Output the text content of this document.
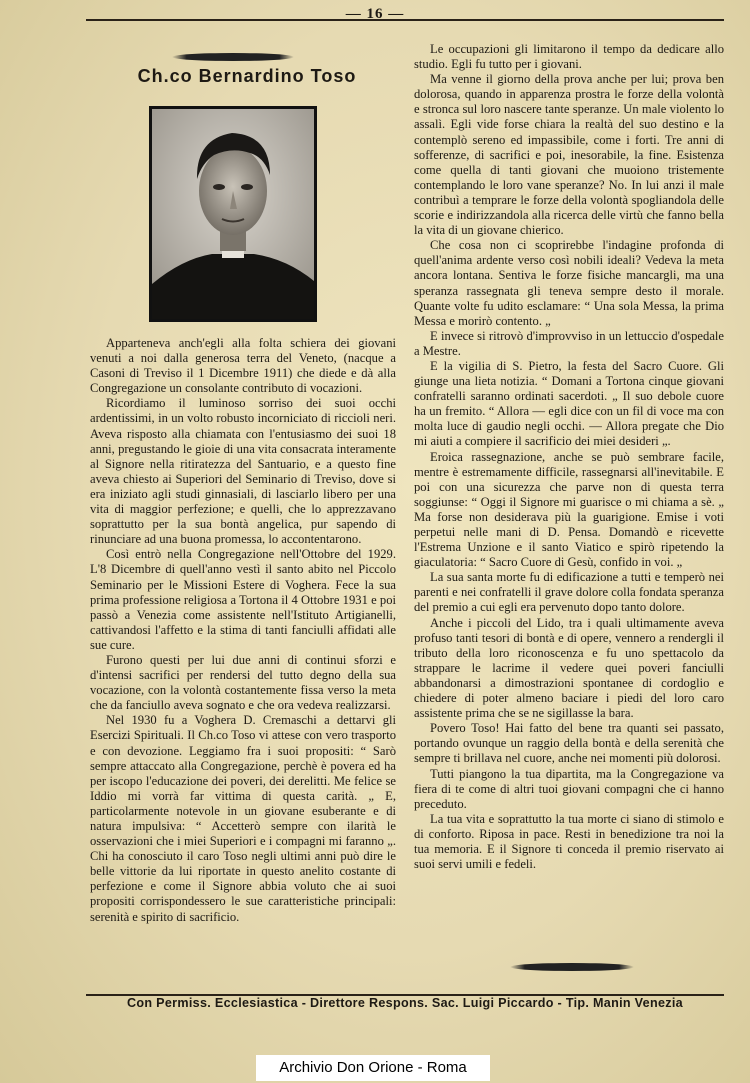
— 16 —
Ch.co Bernardino Toso

Apparteneva anch'egli alla folta schiera dei giovani venuti a noi dalla generosa terra del Veneto, (nacque a Casoni di Treviso il 1 Dicembre 1911) che diede e dà alla Congregazione un consolante contributo di vocazioni.

Ricordiamo il luminoso sorriso dei suoi occhi ardentissimi, in un volto robusto incorniciato di riccioli neri. Aveva risposto alla chiamata con l'entusiasmo dei suoi 18 anni, pregustando le gioie di una vita consacrata interamente al Signore nella ritiratezza del Santuario, e a questo fine aveva chiesto ai Superiori del Seminario di Treviso, dove si era iniziato agli studi ginnasiali, di lasciarlo libero per una vita di maggior perfezione; e quelli, che lo apprezzavano soprattutto per la sua bontà angelica, pur sapendo di rinunciare ad una buona promessa, lo accontentarono.

Così entrò nella Congregazione nell'Ottobre del 1929. L'8 Dicembre di quell'anno vestì il santo abito nel Piccolo Seminario per le Missioni Estere di Voghera. Fece la sua prima professione religiosa a Tortona il 4 Ottobre 1931 e poi passò a Venezia come assistente nell'Istituto Artigianelli, cattivandosi l'affetto e la stima di tanti fanciulli affidati alle sue cure.

Furono questi per lui due anni di continui sforzi e d'intensi sacrifici per rendersi del tutto degno della sua vocazione, con la volontà costantemente fissa verso la meta che da fanciullo aveva sognato e che ora vedeva realizzarsi.

Nel 1930 fu a Voghera D. Cremaschi a dettarvi gli Esercizi Spirituali. Il Ch.co Toso vi attese con vero trasporto e con devozione. Leggiamo fra i suoi propositi: “ Sarò sempre attaccato alla Congregazione, perchè è povera ed ha per iscopo l'educazione dei poveri, dei derelitti. Me felice se Iddio mi vorrà far vittima di questa carità. „ E, particolarmente notevole in un giovane esuberante e di natura impulsiva: “ Accetterò sempre con ilarità le osservazioni che i miei Superiori e i compagni mi faranno „. Chi ha conosciuto il caro Toso negli ultimi anni può dire le belle vittorie da lui riportate in questo anelito costante di perfezione e come il Signore abbia voluto che ai suoi propositi corrispondessero le sue caratteristiche principali: serenità e spirito di sacrificio.

Le occupazioni gli limitarono il tempo da dedicare allo studio. Egli fu tutto per i giovani.

Ma venne il giorno della prova anche per lui; prova ben dolorosa, quando in apparenza prostra le forze della volontà e stronca sul loro nascere tante speranze. Un male violento lo assalì. Egli vide forse chiara la realtà del suo destino e la contemplò sereno ed impassibile, come i forti. Tre anni di sofferenze, di sacrifici e poi, inesorabile, la fine. Esistenza come quella di tanti giovani che muoiono tristemente contemplando le loro vane speranze? No. In lui anzi il male contribuì a temprare le forze della volontà spogliandola delle scorie e indirizzandola alla ricerca delle virtù che fanno bella la vita di un giovane chierico.

Che cosa non ci scoprirebbe l'indagine profonda di quell'anima ardente verso così nobili ideali? Vedeva la meta ancora lontana. Sentiva le forze fisiche mancargli, ma una speranza rassegnata gli teneva sempre desto il morale. Quante volte fu udito esclamare: “ Una sola Messa, la prima Messa e morirò contento. „

E invece si ritrovò d'improvviso in un lettuccio d'ospedale a Mestre.

E la vigilia di S. Pietro, la festa del Sacro Cuore. Gli giunge una lieta notizia. “ Domani a Tortona cinque giovani confratelli saranno ordinati sacerdoti. „ Il suo debole cuore ha un fremito. “ Allora — egli dice con un fil di voce ma con molta luce di gaudio negli occhi. — Allora pregate che Dio mi aiuti a compiere il sacrificio dei miei desideri „.

Eroica rassegnazione, anche se può sembrare facile, mentre è estremamente difficile, rassegnarsi all'inevitabile. E poi con una sicurezza che parve non di questa terra soggiunse: “ Oggi il Signore mi guarisce o mi chiama a sè. „ Ma forse non desiderava più la guarigione. Emise i voti perpetui nelle mani di D. Pensa. Domandò e ricevette l'Estrema Unzione e il santo Viatico e spirò ripetendo la giaculatoria: “ Sacro Cuore di Gesù, confido in voi. „

La sua santa morte fu di edificazione a tutti e temperò nei parenti e nei confratelli il grave dolore colla fondata speranza del premio a cui egli era pervenuto dopo tanto dolore.

Anche i piccoli del Lido, tra i quali ultimamente aveva profuso tanti tesori di bontà e di opere, vennero a rendergli il tributo della loro riconoscenza e fu uno spettacolo da strappare le lacrime il vedere quei poveri fanciulli abbandonarsi a dimostrazioni spontanee di cordoglio e chiedere di poter almeno baciare i piedi del loro caro assistente prima che se ne sigillasse la bara.

Povero Toso! Hai fatto del bene tra quanti sei passato, portando ovunque un raggio della bontà e della serenità che sempre ti brillava nel cuore, anche nei momenti più dolorosi.

Tutti piangono la tua dipartita, ma la Congregazione va fiera di te come di altri tuoi giovani compagni che ci hanno preceduto.

La tua vita e soprattutto la tua morte ci siano di stimolo e di conforto. Riposa in pace. Resti in benedizione tra noi la tua memoria. E il Signore ti conceda il premio riservato ai suoi servi umili e fedeli.

Con Permiss. Ecclesiastica - Direttore Respons. Sac. Luigi Piccardo - Tip. Manin Venezia
Archivio Don Orione - Roma
